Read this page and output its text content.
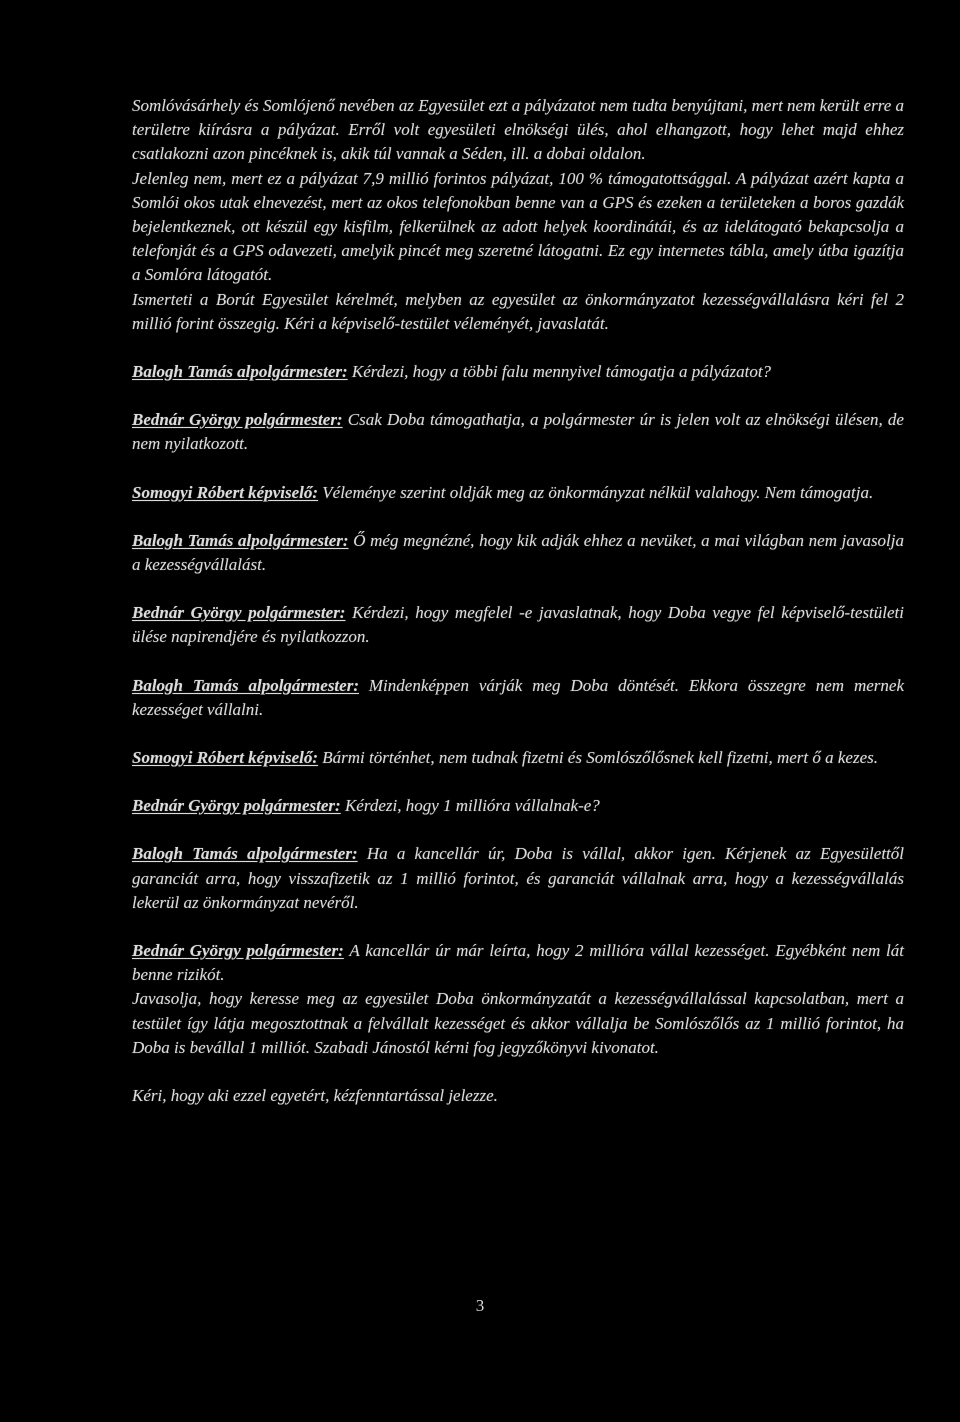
Somlóvásárhely és Somlójenő nevében az Egyesület ezt a pályázatot nem tudta benyújtani, mert nem került erre a területre kiírásra a pályázat. Erről volt egyesületi elnökségi ülés, ahol elhangzott, hogy lehet majd ehhez csatlakozni azon pincéknek is, akik túl vannak a Séden, ill. a dobai oldalon.

Jelenleg nem, mert ez a pályázat 7,9 millió forintos pályázat, 100 % támogatottsággal. A pályázat azért kapta a Somlói okos utak elnevezést, mert az okos telefonokban benne van a GPS és ezeken a területeken a boros gazdák bejelentkeznek, ott készül egy kisfilm, felkerülnek az adott helyek koordinátái, és az idelátogató bekapcsolja a telefonját és a GPS odavezeti, amelyik pincét meg szeretné látogatni. Ez egy internetes tábla, amely útba igazítja a Somlóra látogatót.

Ismerteti a Borút Egyesület kérelmét, melyben az egyesület az önkormányzatot kezességvállalásra kéri fel 2 millió forint összegig. Kéri a képviselő-testület véleményét, javaslatát.

Balogh Tamás alpolgármester: Kérdezi, hogy a többi falu mennyivel támogatja a pályázatot?

Bednár György polgármester: Csak Doba támogathatja, a polgármester úr is jelen volt az elnökségi ülésen, de nem nyilatkozott.

Somogyi Róbert képviselő: Véleménye szerint oldják meg az önkormányzat nélkül valahogy. Nem támogatja.

Balogh Tamás alpolgármester: Ő még megnézné, hogy kik adják ehhez a nevüket, a mai világban nem javasolja a kezességvállalást.

Bednár György polgármester: Kérdezi, hogy megfelel -e javaslatnak, hogy Doba vegye fel képviselő-testületi ülése napirendjére és nyilatkozzon.

Balogh Tamás alpolgármester: Mindenképpen várják meg Doba döntését. Ekkora összegre nem mernek kezességet vállalni.

Somogyi Róbert képviselő: Bármi történhet, nem tudnak fizetni és Somlószőlősnek kell fizetni, mert ő a kezes.

Bednár György polgármester: Kérdezi, hogy 1 millióra vállalnak-e?

Balogh Tamás alpolgármester: Ha a kancellár úr, Doba is vállal, akkor igen. Kérjenek az Egyesülettől garanciát arra, hogy visszafizetik az 1 millió forintot, és garanciát vállalnak arra, hogy a kezességvállalás lekerül az önkormányzat nevéről.

Bednár György polgármester: A kancellár úr már leírta, hogy 2 millióra vállal kezességet. Egyébként nem lát benne rizikót.

Javasolja, hogy keresse meg az egyesület Doba önkormányzatát a kezességvállalással kapcsolatban, mert a testület így látja megosztottnak a felvállalt kezességet és akkor vállalja be Somlószőlős az 1 millió forintot, ha Doba is bevállal 1 milliót. Szabadi Jánostól kérni fog jegyzőkönyvi kivonatot.

Kéri, hogy aki ezzel egyetért, kézfenntartással jelezze.

3
